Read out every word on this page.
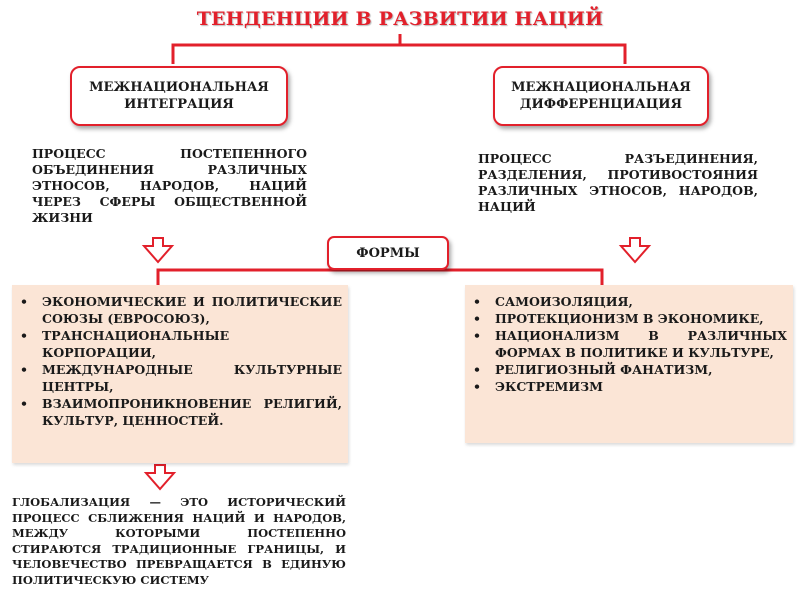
ТЕНДЕНЦИИ В РАЗВИТИИ НАЦИЙ
МЕЖНАЦИОНАЛЬНАЯ
ИНТЕГРАЦИЯ
МЕЖНАЦИОНАЛЬНАЯ
ДИФФЕРЕНЦИАЦИЯ
ПРОЦЕСС ПОСТЕПЕННОГО ОБЪЕДИНЕНИЯ РАЗЛИЧНЫХ ЭТНОСОВ, НАРОДОВ, НАЦИЙ ЧЕРЕЗ СФЕРЫ ОБЩЕСТВЕННОЙ ЖИЗНИ
ПРОЦЕСС РАЗЪЕДИНЕНИЯ, РАЗДЕЛЕНИЯ, ПРОТИВОСТОЯНИЯ РАЗЛИЧНЫХ ЭТНОСОВ, НАРОДОВ, НАЦИЙ
ФОРМЫ
• ЭКОНОМИЧЕСКИЕ И ПОЛИТИЧЕСКИЕ СОЮЗЫ (ЕВРОСОЮЗ),
• ТРАНСНАЦИОНАЛЬНЫЕ КОРПОРАЦИИ,
• МЕЖДУНАРОДНЫЕ КУЛЬТУРНЫЕ ЦЕНТРЫ,
• ВЗАИМОПРОНИКНОВЕНИЕ РЕЛИГИЙ, КУЛЬТУР, ЦЕННОСТЕЙ.
• САМОИЗОЛЯЦИЯ,
• ПРОТЕКЦИОНИЗМ В ЭКОНОМИКЕ,
• НАЦИОНАЛИЗМ В РАЗЛИЧНЫХ ФОРМАХ В ПОЛИТИКЕ И КУЛЬТУРЕ,
• РЕЛИГИОЗНЫЙ ФАНАТИЗМ,
• ЭКСТРЕМИЗМ
ГЛОБАЛИЗАЦИЯ — ЭТО ИСТОРИЧЕСКИЙ ПРОЦЕСС СБЛИЖЕНИЯ НАЦИЙ И НАРОДОВ, МЕЖДУ КОТОРЫМИ ПОСТЕПЕННО СТИРАЮТСЯ ТРАДИЦИОННЫЕ ГРАНИЦЫ, И ЧЕЛОВЕЧЕСТВО ПРЕВРАЩАЕТСЯ В ЕДИНУЮ ПОЛИТИЧЕСКУЮ СИСТЕМУ
